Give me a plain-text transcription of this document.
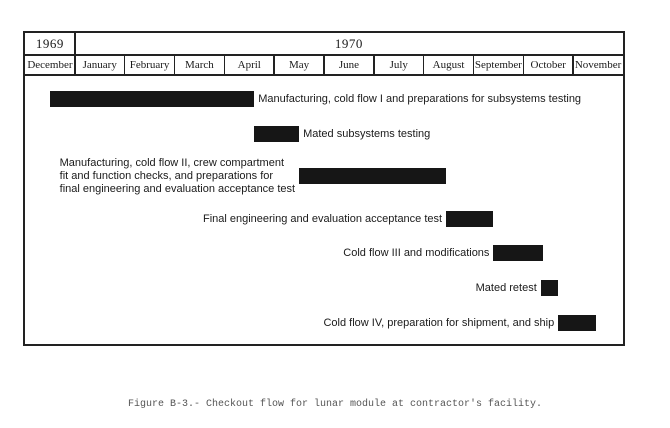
1969	1970
December January	February	March	April	May	June	July	August September October November
Manufacturing, cold flow I and preparations for subsystems testing
Mated subsystems testing
Manufacturing, cold flow II, crew compartment
fit and function checks, and preparations for
final engineering and evaluation acceptance test
Final engineering and evaluation acceptance test
Cold flow III and modifications
Mated retest
Cold flow IV, preparation for shipment, and ship
Figure B-3.- Checkout flow for lunar module at contractor's facility.
